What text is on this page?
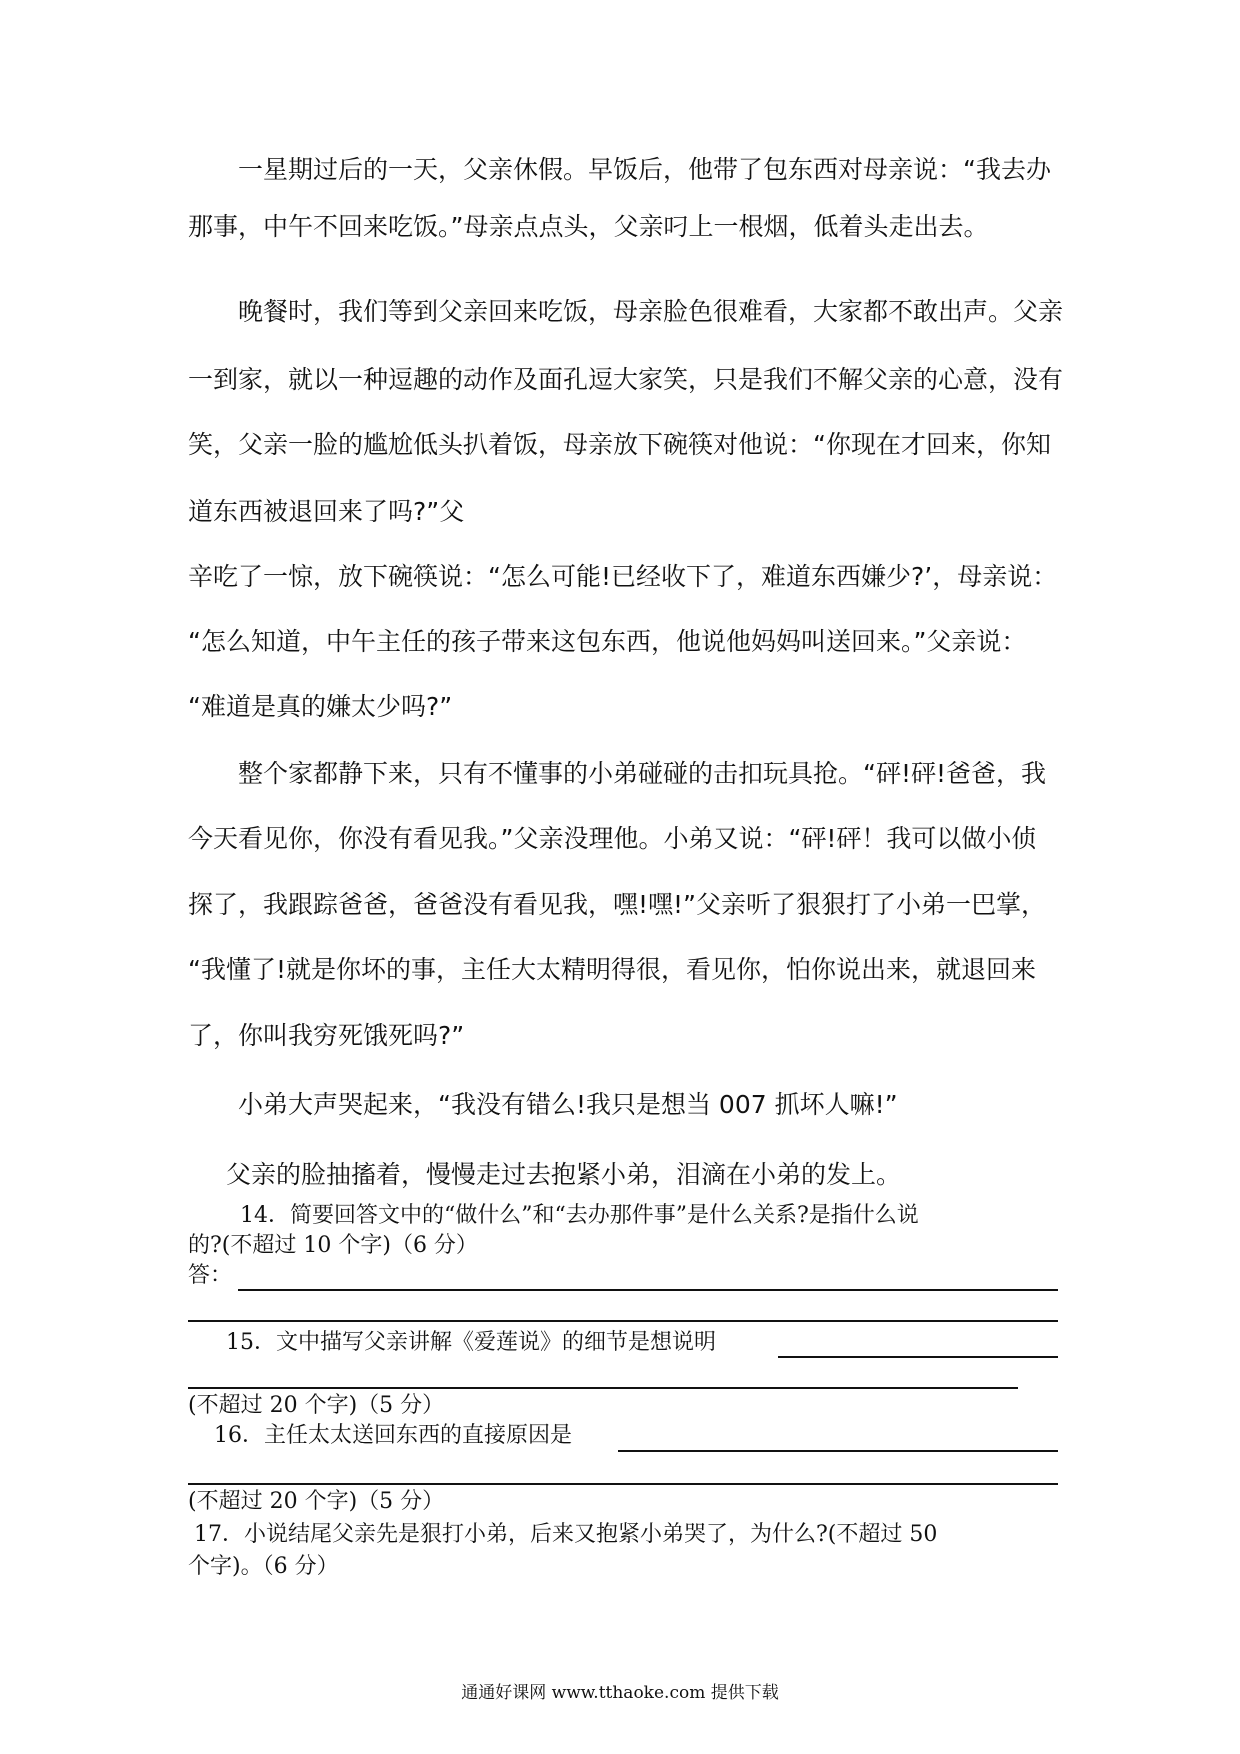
一星期过后的一天，父亲休假。早饭后，他带了包东西对母亲说：“我去办
那事，中午不回来吃饭。”母亲点点头，父亲叼上一根烟，低着头走出去。
晚餐时，我们等到父亲回来吃饭，母亲脸色很难看，大家都不敢出声。父亲
一到家，就以一种逗趣的动作及面孔逗大家笑，只是我们不解父亲的心意，没有
笑，父亲一脸的尴尬低头扒着饭，母亲放下碗筷对他说：“你现在才回来，你知
道东西被退回来了吗?”父
辛吃了一惊，放下碗筷说：“怎么可能!已经收下了，难道东西嫌少?’，母亲说：
“怎么知道，中午主任的孩子带来这包东西，他说他妈妈叫送回来。”父亲说：
“难道是真的嫌太少吗?”
整个家都静下来，只有不懂事的小弟碰碰的击扣玩具抢。“砰!砰!爸爸，我
今天看见你，你没有看见我。”父亲没理他。小弟又说：“砰!砰！我可以做小侦
探了，我跟踪爸爸，爸爸没有看见我，嘿!嘿!”父亲听了狠狠打了小弟一巴掌，
“我懂了!就是你坏的事，主任大太精明得很，看见你，怕你说出来，就退回来
了，你叫我穷死饿死吗?”
小弟大声哭起来，“我没有错么!我只是想当 007 抓坏人嘛!”
父亲的脸抽搐着，慢慢走过去抱紧小弟，泪滴在小弟的发上。
14．简要回答文中的“做什么”和“去办那件事”是什么关系?是指什么说
的?(不超过 10 个字)（6 分）
答：
15．文中描写父亲讲解《爱莲说》的细节是想说明
(不超过 20 个字)（5 分）
16．主任太太送回东西的直接原因是
(不超过 20 个字)（5 分）
17．小说结尾父亲先是狠打小弟，后来又抱紧小弟哭了，为什么?(不超过 50
个字)。（6 分）
通通好课网 www.tthaoke.com 提供下载
